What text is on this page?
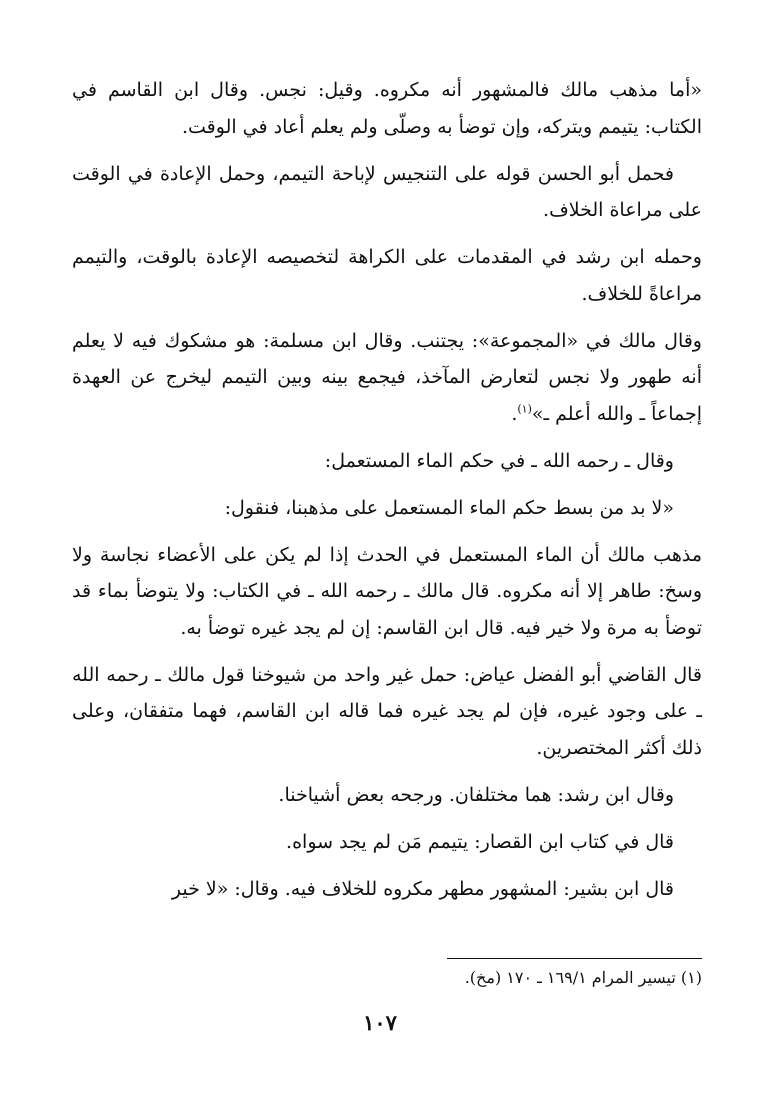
«أما مذهب مالك فالمشهور أنه مكروه. وقيل: نجس. وقال ابن القاسم في الكتاب: يتيمم ويتركه، وإن توضأ به وصلّى ولم يعلم أعاد في الوقت.

فحمل أبو الحسن قوله على التنجيس لإباحة التيمم، وحمل الإعادة في الوقت على مراعاة الخلاف.

وحمله ابن رشد في المقدمات على الكراهة لتخصيصه الإعادة بالوقت، والتيمم مراعاةً للخلاف.

وقال مالك في «المجموعة»: يجتنب. وقال ابن مسلمة: هو مشكوك فيه لا يعلم أنه طهور ولا نجس لتعارض المآخذ، فيجمع بينه وبين التيمم ليخرج عن العهدة إجماعاً ـ والله أعلم ـ»$^{(١)}$.

وقال ـ رحمه الله ـ في حكم الماء المستعمل:

«لا بد من بسط حكم الماء المستعمل على مذهبنا، فنقول:

مذهب مالك أن الماء المستعمل في الحدث إذا لم يكن على الأعضاء نجاسة ولا وسخ: طاهر إلا أنه مكروه. قال مالك ـ رحمه الله ـ في الكتاب: ولا يتوضأ بماء قد توضأ به مرة ولا خير فيه. قال ابن القاسم: إن لم يجد غيره توضأ به.

قال القاضي أبو الفضل عياض: حمل غير واحد من شيوخنا قول مالك ـ رحمه الله ـ على وجود غيره، فإن لم يجد غيره فما قاله ابن القاسم، فهما متفقان، وعلى ذلك أكثر المختصرين.

وقال ابن رشد: هما مختلفان. ورجحه بعض أشياخنا.

قال في كتاب ابن القصار: يتيمم مَن لم يجد سواه.

قال ابن بشير: المشهور مطهر مكروه للخلاف فيه. وقال: «لا خير

(١) تيسير المرام ١٦٩/١ ـ ١٧٠ (مخ).
١٠٧
